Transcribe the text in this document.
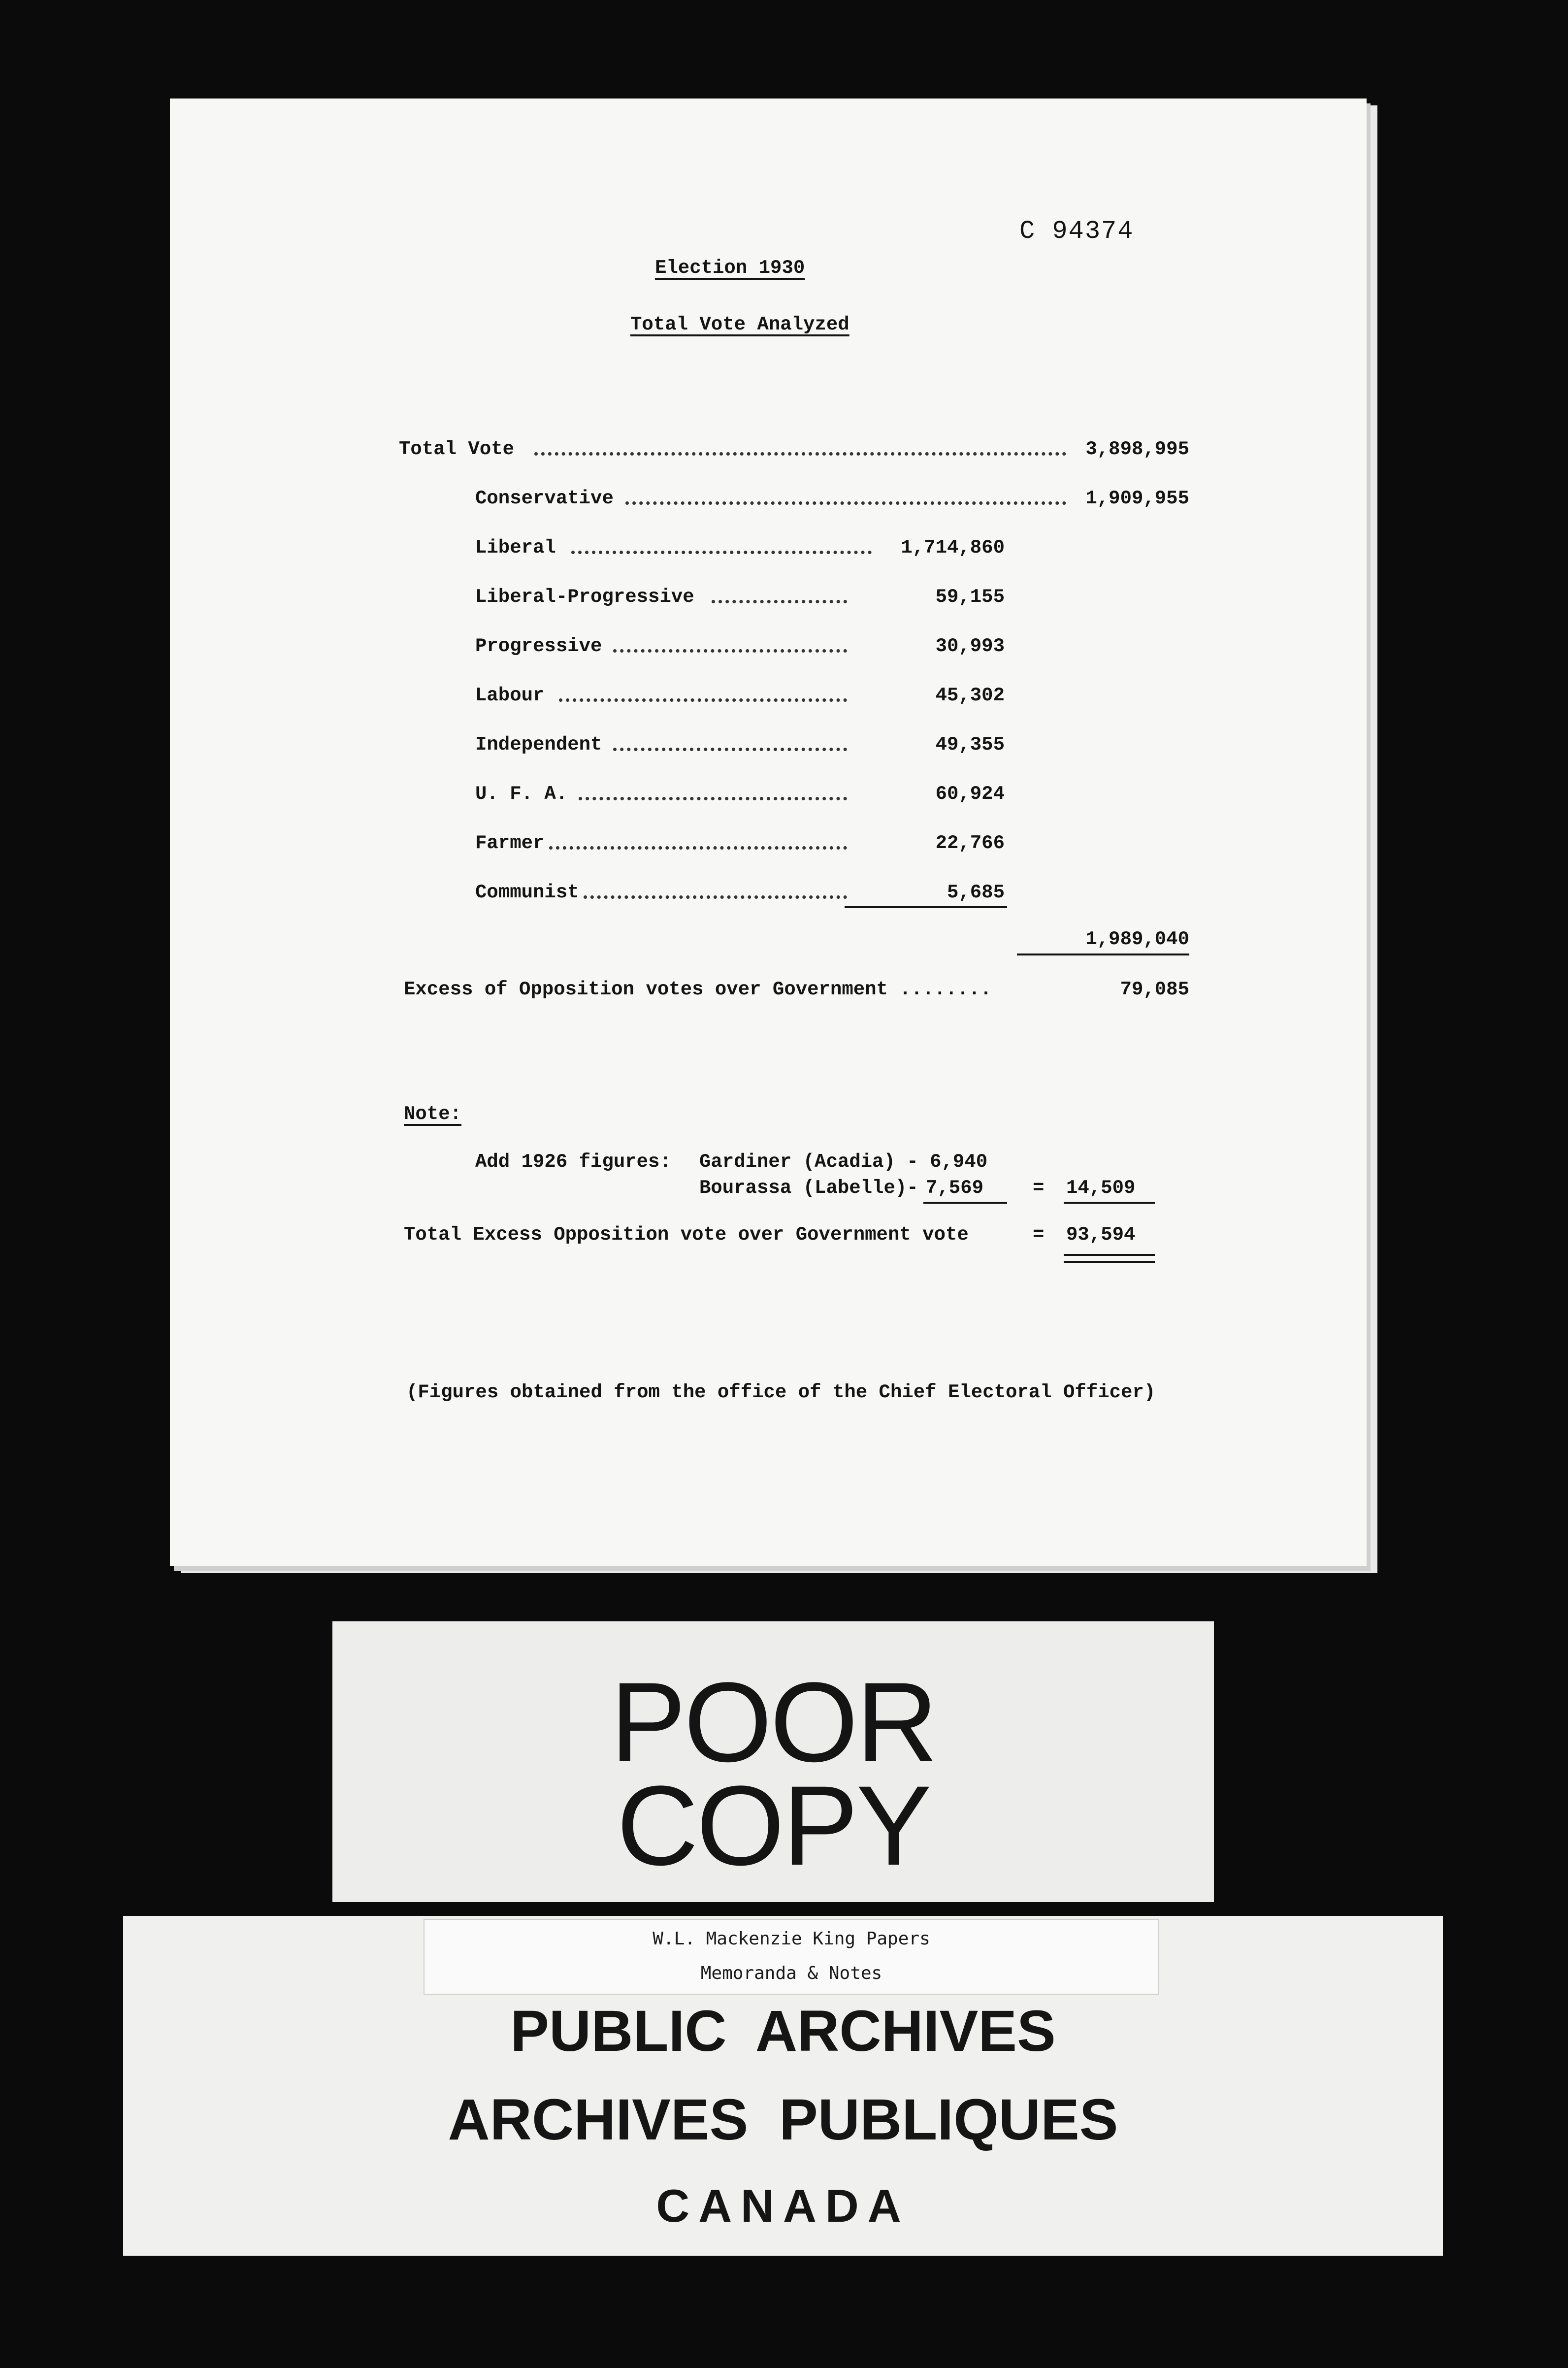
C 94374
Election 1930
Total Vote Analyzed
Total Vote	3,898,995
Conservative	1,909,955
Liberal	1,714,860
Liberal-Progressive	59,155
Progressive	30,993
Labour	45,302
Independent	49,355
U. F. A.	60,924
Farmer	22,766
Communist	5,685
1,989,040
Excess of Opposition votes over Government ........	79,085
Note:
Add 1926 figures: Gardiner (Acadia) - 6,940
Bourassa (Labelle)- 7,569	= 14,509
Total Excess Opposition vote over Government vote	= 93,594
(Figures obtained from the office of the Chief Electoral Officer)
POOR
COPY
W.L. Mackenzie King Papers
Memoranda & Notes
PUBLIC ARCHIVES
ARCHIVES PUBLIQUES
CANADA
